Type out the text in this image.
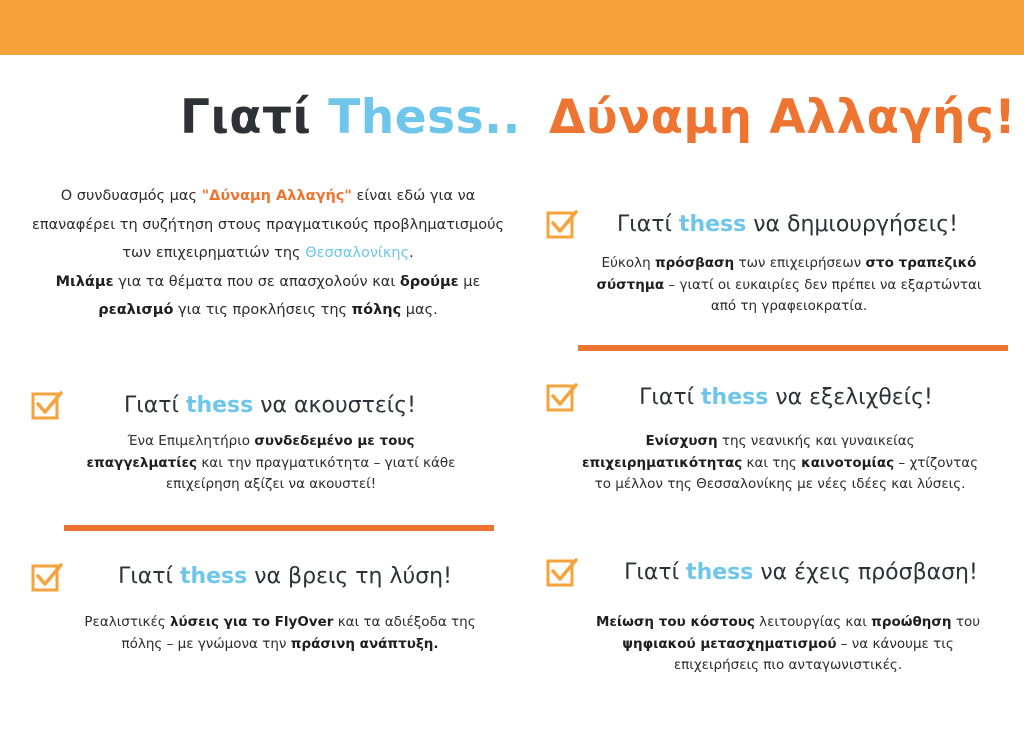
Γιατί Thess.. Δύναμη Αλλαγής!
Ο συνδυασμός μας "Δύναμη Αλλαγής" είναι εδώ για να επαναφέρει τη συζήτηση στους πραγματικούς προβληματισμούς των επιχειρηματιών της Θεσσαλονίκης.
Μιλάμε για τα θέματα που σε απασχολούν και δρούμε με ρεαλισμό για τις προκλήσεις της πόλης μας.
Γιατί thess να ακουστείς!
Ένα Επιμελητήριο συνδεδεμένο με τους επαγγελματίες και την πραγματικότητα – γιατί κάθε επιχείρηση αξίζει να ακουστεί!
Γιατί thess να βρεις τη λύση!
Ρεαλιστικές λύσεις για το FlyOver και τα αδιέξοδα της πόλης – με γνώμονα την πράσινη ανάπτυξη.
Γιατί thess να δημιουργήσεις!
Εύκολη πρόσβαση των επιχειρήσεων στο τραπεζικό σύστημα – γιατί οι ευκαιρίες δεν πρέπει να εξαρτώνται από τη γραφειοκρατία.
Γιατί thess να εξελιχθείς!
Ενίσχυση της νεανικής και γυναικείας επιχειρηματικότητας και της καινοτομίας – χτίζοντας το μέλλον της Θεσσαλονίκης με νέες ιδέες και λύσεις.
Γιατί thess να έχεις πρόσβαση!
Μείωση του κόστους λειτουργίας και προώθηση του ψηφιακού μετασχηματισμού – να κάνουμε τις επιχειρήσεις πιο ανταγωνιστικές.
